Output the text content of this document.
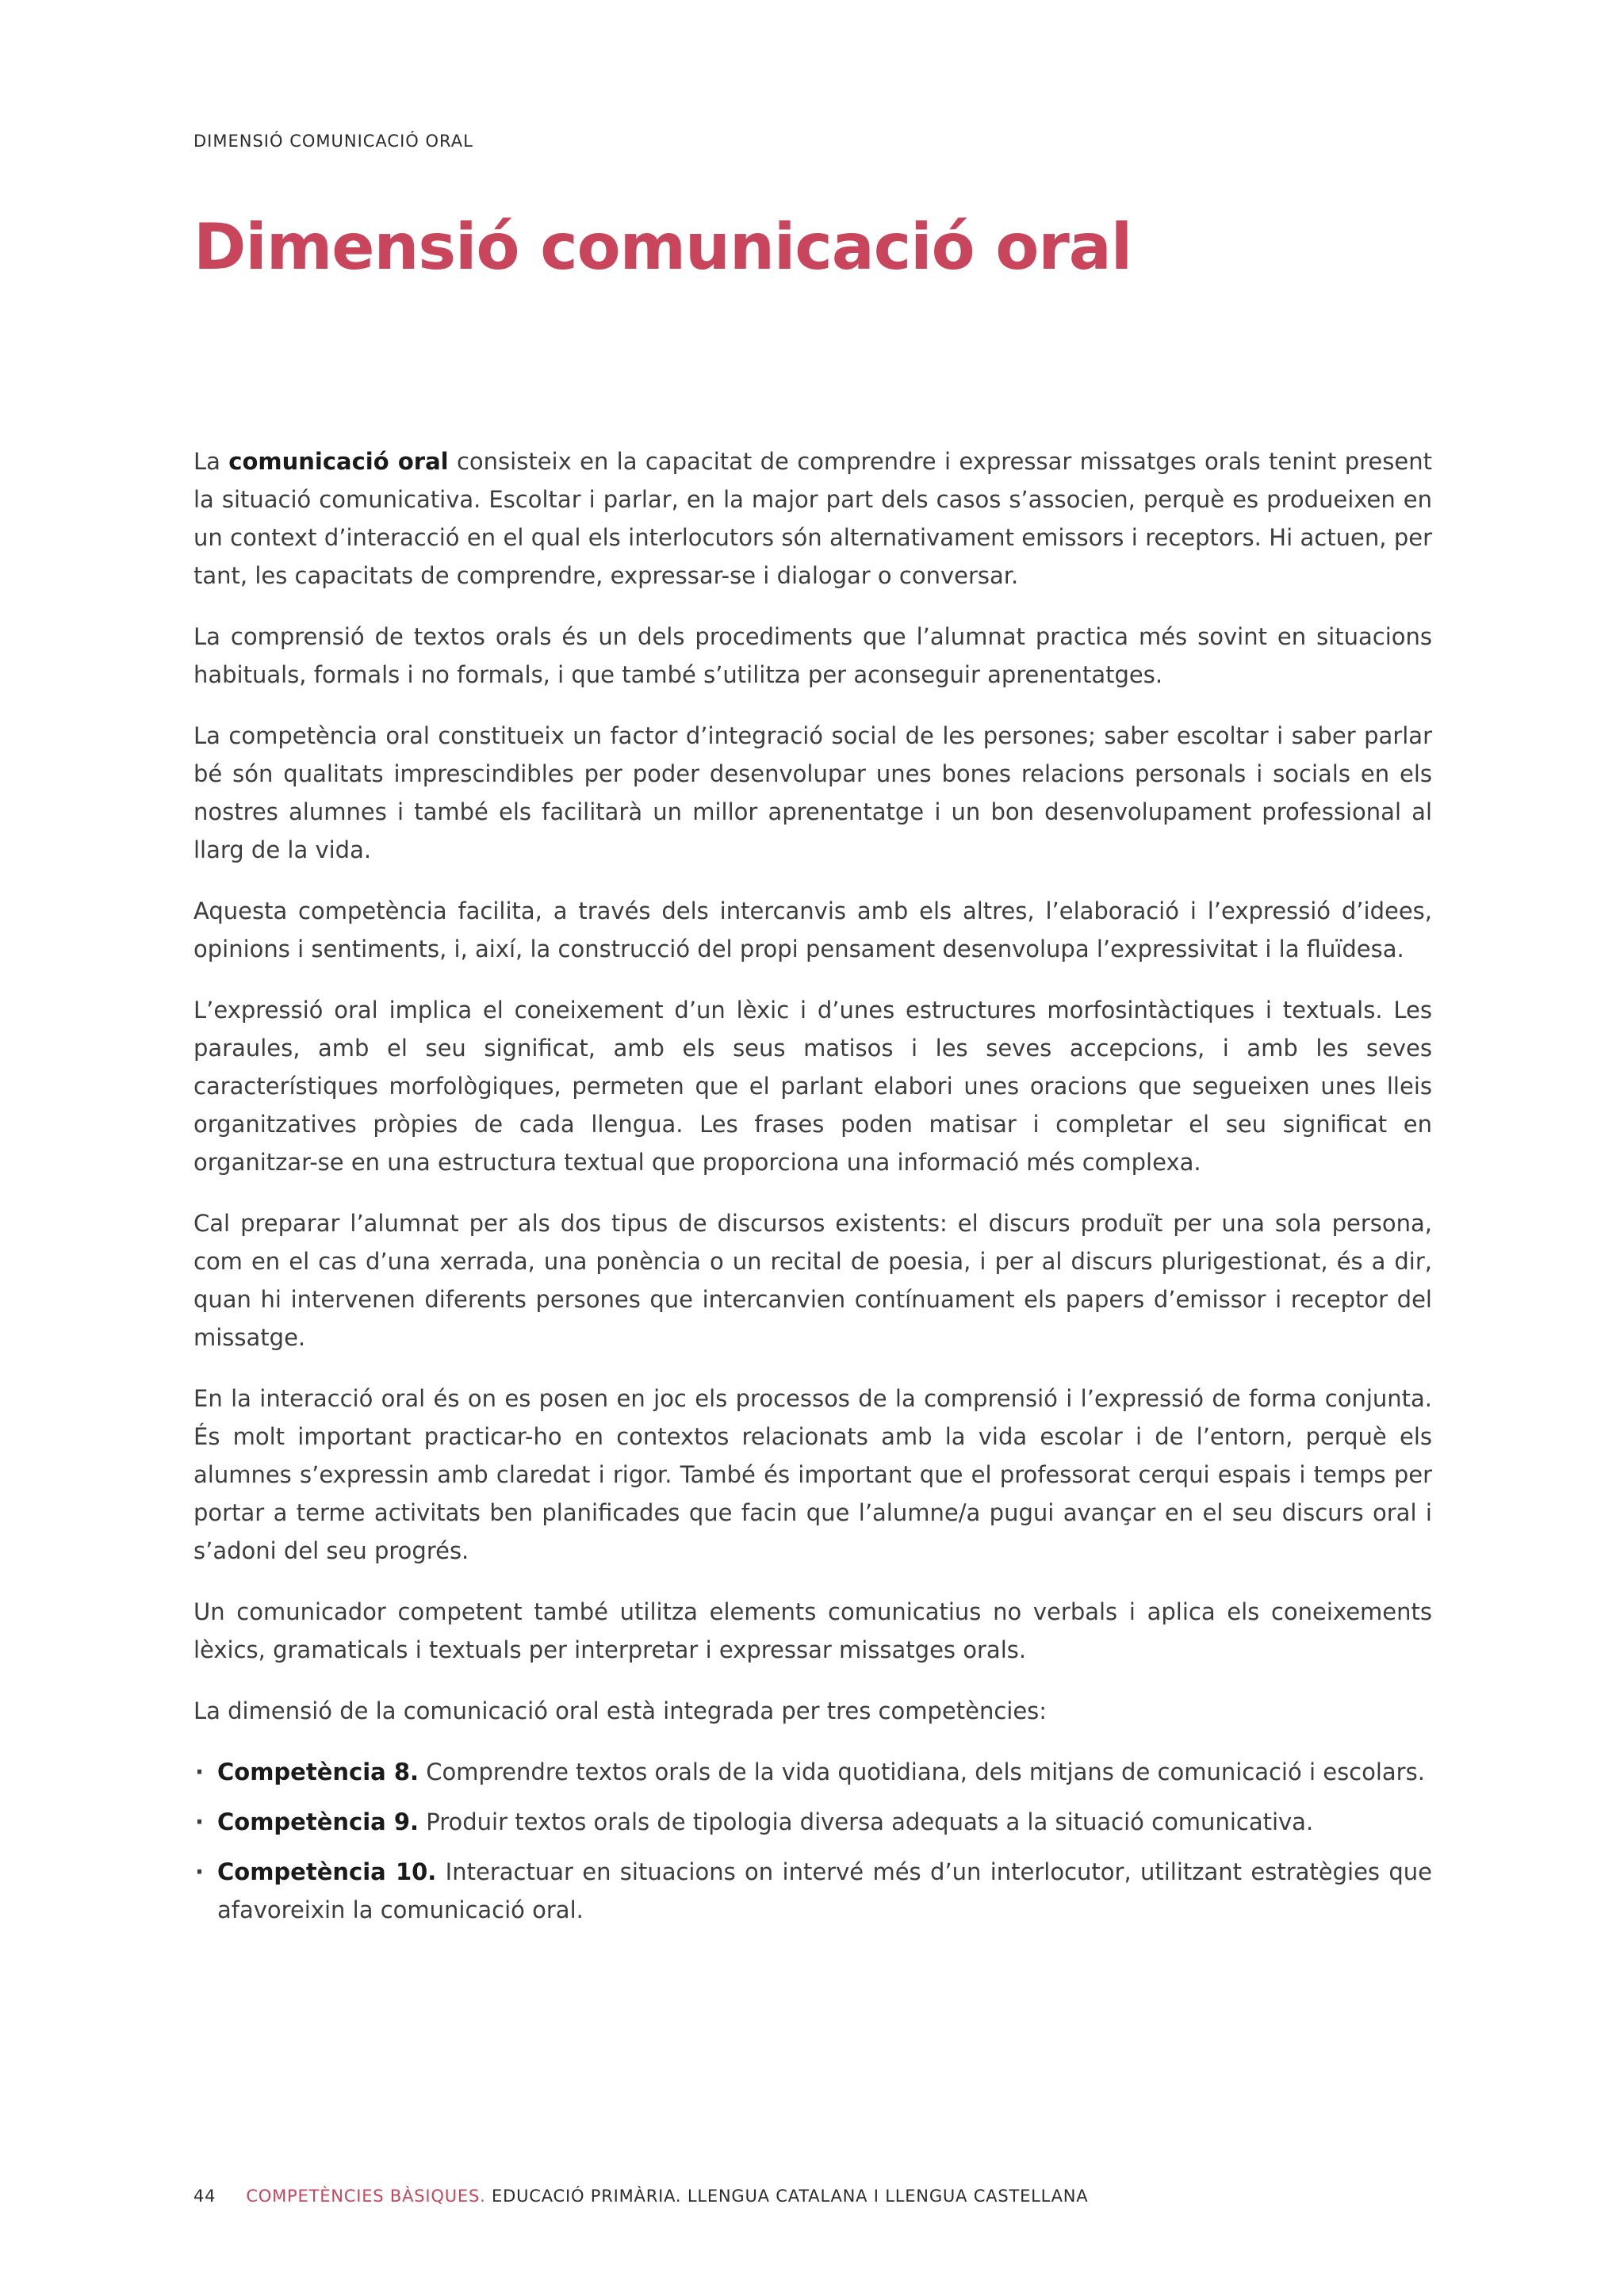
DIMENSIÓ COMUNICACIÓ ORAL
Dimensió comunicació oral

La comunicació oral consisteix en la capacitat de comprendre i expressar missatges orals tenint present la situació comunicativa. Escoltar i parlar, en la major part dels casos s’associen, perquè es produeixen en un context d’interacció en el qual els interlocutors són alternativament emissors i receptors. Hi actuen, per tant, les capacitats de comprendre, expressar-se i dialogar o conversar.

La comprensió de textos orals és un dels procediments que l’alumnat practica més sovint en situacions habituals, formals i no formals, i que també s’utilitza per aconseguir aprenentatges.

La competència oral constitueix un factor d’integració social de les persones; saber escoltar i saber parlar bé són qualitats imprescindibles per poder desenvolupar unes bones relacions personals i socials en els nostres alumnes i també els facilitarà un millor aprenentatge i un bon desenvolupament professional al llarg de la vida.

Aquesta competència facilita, a través dels intercanvis amb els altres, l’elaboració i l’expressió d’idees, opinions i sentiments, i, així, la construcció del propi pensament desenvolupa l’expressivitat i la fluïdesa.

L’expressió oral implica el coneixement d’un lèxic i d’unes estructures morfosintàctiques i textuals. Les paraules, amb el seu significat, amb els seus matisos i les seves accepcions, i amb les seves característiques morfològiques, permeten que el parlant elabori unes oracions que segueixen unes lleis organitzatives pròpies de cada llengua. Les frases poden matisar i completar el seu significat en organitzar-se en una estructura textual que proporciona una informació més complexa.

Cal preparar l’alumnat per als dos tipus de discursos existents: el discurs produït per una sola persona, com en el cas d’una xerrada, una ponència o un recital de poesia, i per al discurs plurigestionat, és a dir, quan hi intervenen diferents persones que intercanvien contínuament els papers d’emissor i receptor del missatge.

En la interacció oral és on es posen en joc els processos de la comprensió i l’expressió de forma conjunta. És molt important practicar-ho en contextos relacionats amb la vida escolar i de l’entorn, perquè els alumnes s’expressin amb claredat i rigor. També és important que el professorat cerqui espais i temps per portar a terme activitats ben planificades que facin que l’alumne/a pugui avançar en el seu discurs oral i s’adoni del seu progrés.

Un comunicador competent també utilitza elements comunicatius no verbals i aplica els coneixements lèxics, gramaticals i textuals per interpretar i expressar missatges orals.

La dimensió de la comunicació oral està integrada per tres competències:

· Competència 8. Comprendre textos orals de la vida quotidiana, dels mitjans de comunicació i escolars.
· Competència 9. Produir textos orals de tipologia diversa adequats a la situació comunicativa.
· Competència 10. Interactuar en situacions on intervé més d’un interlocutor, utilitzant estratègies que afavoreixin la comunicació oral.
44 COMPETÈNCIES BÀSIQUES. EDUCACIÓ PRIMÀRIA. LLENGUA CATALANA I LLENGUA CASTELLANA
